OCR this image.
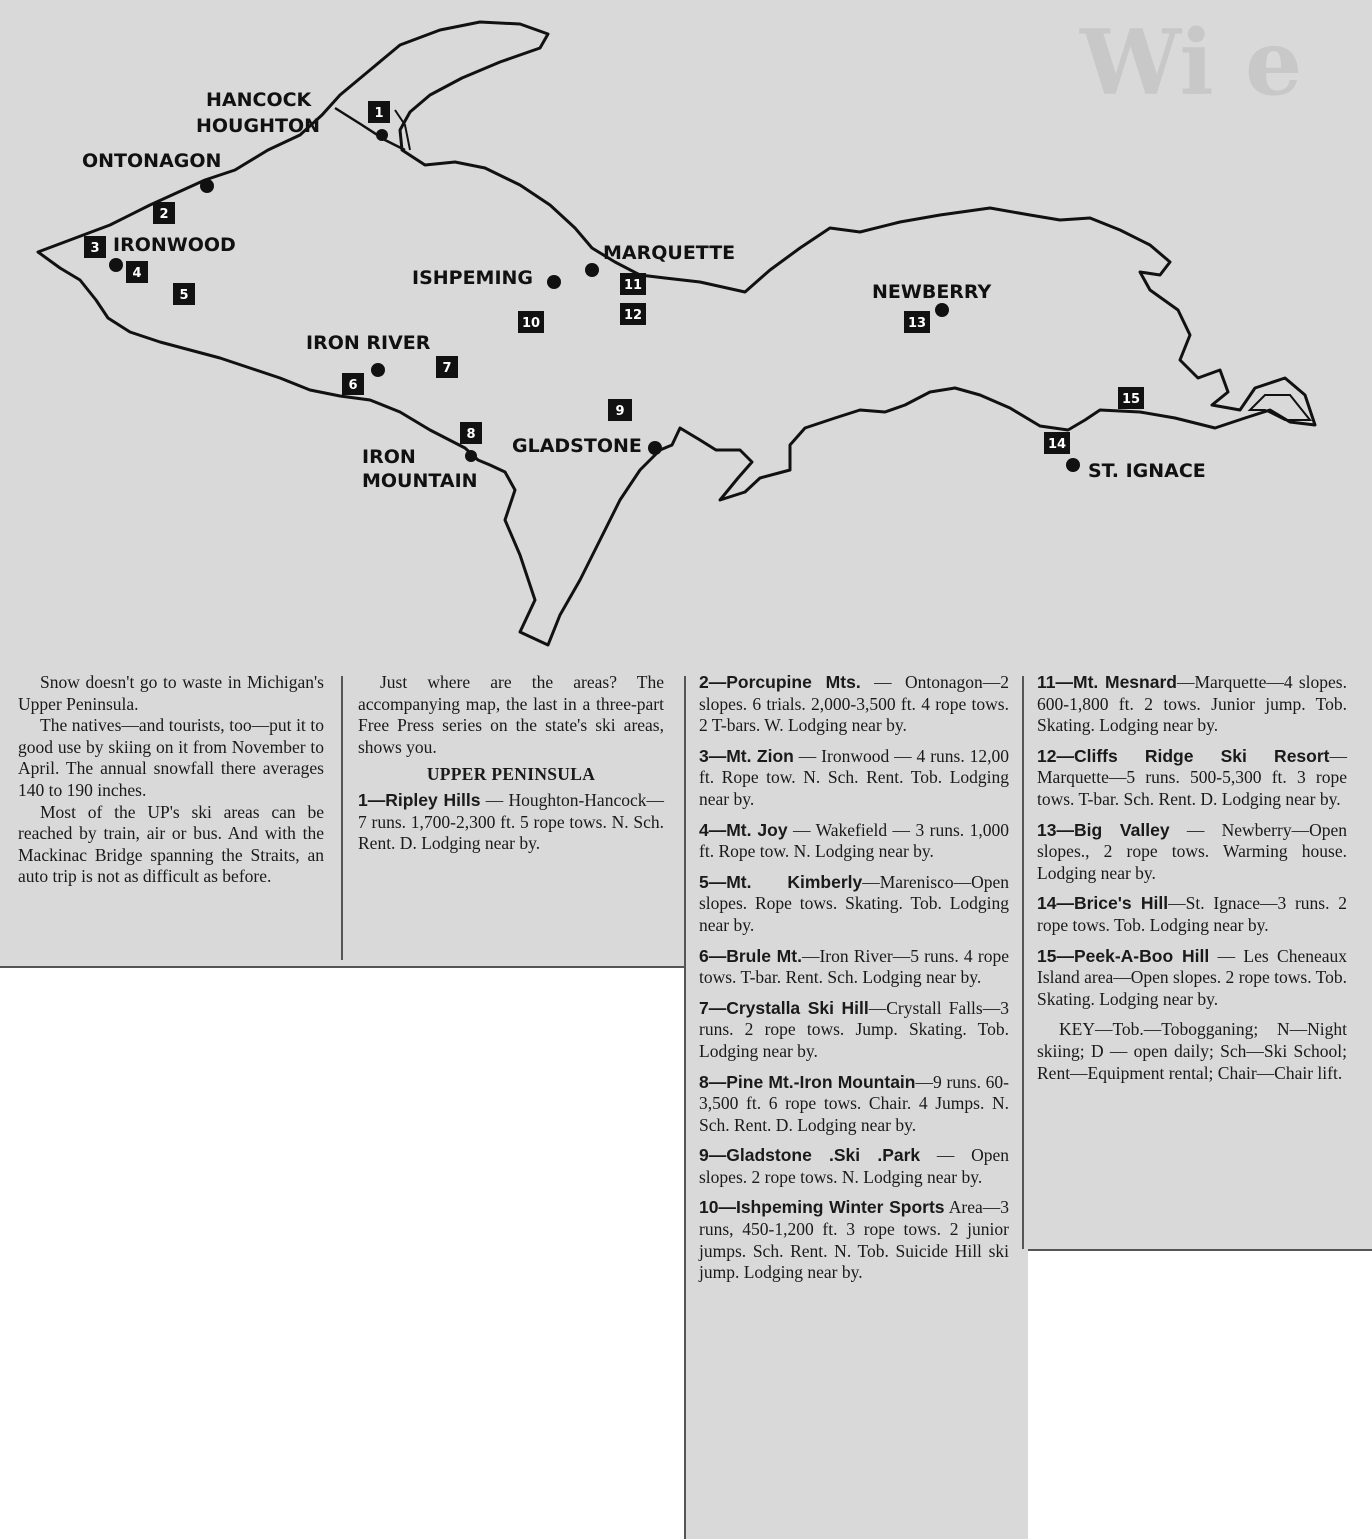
Wi e
HANCOCK
HOUGHTON
ONTONAGON
IRONWOOD	MARQUETTE
ISHPEMING
NEWBERRY
IRON RIVER
IRON
MOUNTAIN
GLADSTONE
ST. IGNACE
1
2
3
4
5
6
7
8
9
10
11
12
13
14
15

Snow doesn't go to waste in Michigan's Upper Peninsula.

The natives—and tourists, too—put it to good use by skiing on it from November to April. The annual snowfall there averages 140 to 190 inches.

Most of the UP's ski areas can be reached by train, air or bus. And with the Mackinac Bridge spanning the Straits, an auto trip is not as difficult as before.

Just where are the areas? The accompanying map, the last in a three-part Free Press series on the state's ski areas, shows you.

UPPER PENINSULA

1—Ripley Hills — Houghton-Hancock—7 runs. 1,700-2,300 ft. 5 rope tows. N. Sch. Rent. D. Lodging near by.

2—Porcupine Mts. — Ontonagon—2 slopes. 6 trials. 2,000-3,500 ft. 4 rope tows. 2 T-bars. W. Lodging near by.

3—Mt. Zion — Ironwood — 4 runs. 12,00 ft. Rope tow. N. Sch. Rent. Tob. Lodging near by.

4—Mt. Joy — Wakefield — 3 runs. 1,000 ft. Rope tow. N. Lodging near by.

5—Mt. Kimberly—Marenisco—Open slopes. Rope tows. Skating. Tob. Lodging near by.

6—Brule Mt.—Iron River—5 runs. 4 rope tows. T-bar. Rent. Sch. Lodging near by.

7—Crystalla Ski Hill—Crystall Falls—3 runs. 2 rope tows. Jump. Skating. Tob. Lodging near by.

8—Pine Mt.-Iron Mountain—9 runs. 60-3,500 ft. 6 rope tows. Chair. 4 Jumps. N. Sch. Rent. D. Lodging near by.

9—Gladstone .Ski .Park — Open slopes. 2 rope tows. N. Lodging near by.

10—Ishpeming Winter Sports Area—3 runs, 450-1,200 ft. 3 rope tows. 2 junior jumps. Sch. Rent. N. Tob. Suicide Hill ski jump. Lodging near by.

11—Mt. Mesnard—Marquette—4 slopes. 600-1,800 ft. 2 tows. Junior jump. Tob. Skating. Lodging near by.

12—Cliffs Ridge Ski Resort—Marquette—5 runs. 500-5,300 ft. 3 rope tows. T-bar. Sch. Rent. D. Lodging near by.

13—Big Valley — Newberry—Open slopes., 2 rope tows. Warming house. Lodging near by.

14—Brice's Hill—St. Ignace—3 runs. 2 rope tows. Tob. Lodging near by.

15—Peek-A-Boo Hill — Les Cheneaux Island area—Open slopes. 2 rope tows. Tob. Skating. Lodging near by.

KEY—Tob.—Tobogganing; N—Night skiing; D — open daily; Sch—Ski School; Rent—Equipment rental; Chair—Chair lift.
